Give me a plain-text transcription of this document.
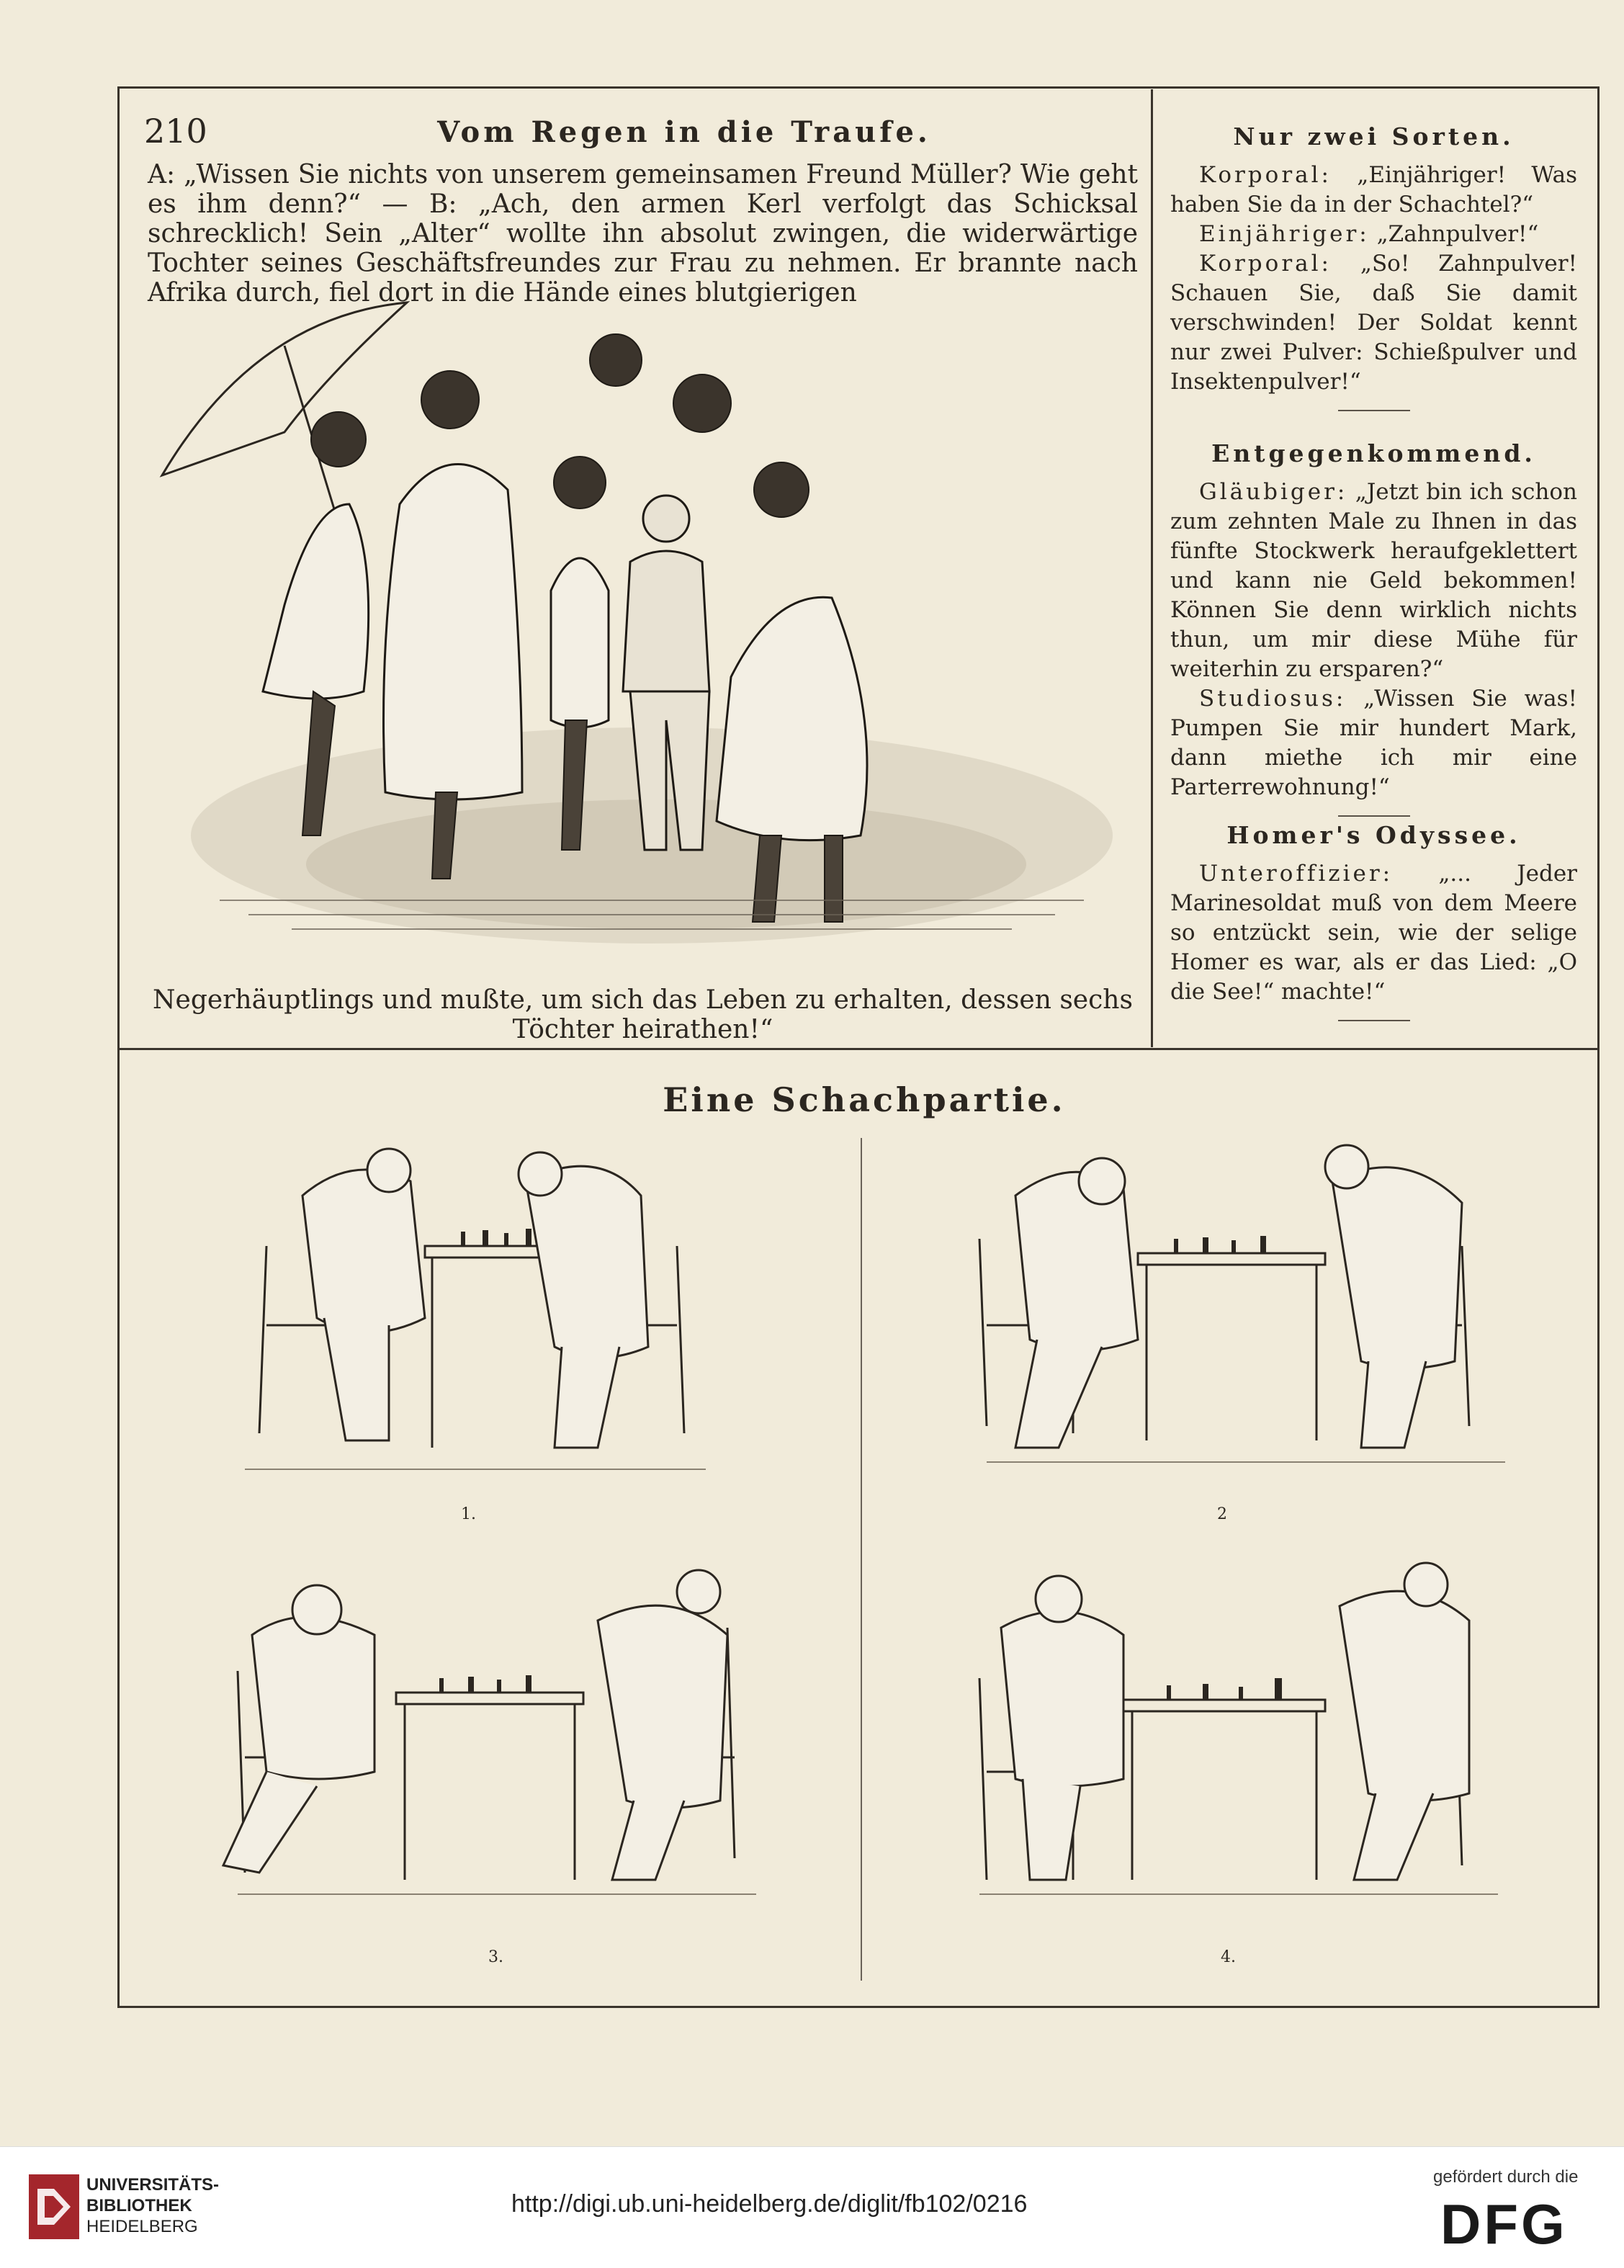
210	Vom Regen in die Traufe.
A: „Wissen Sie nichts von unserem gemeinsamen Freund Müller? Wie geht es ihm denn?“ — B: „Ach, den armen Kerl verfolgt das Schicksal schrecklich! Sein „Alter“ wollte ihn absolut zwingen, die widerwärtige Tochter seines Geschäftsfreundes zur Frau zu nehmen. Er brannte nach Afrika durch, fiel dort in die Hände eines blutgierigen
Negerhäuptlings und mußte, um sich das Leben zu erhalten, dessen sechs Töchter heirathen!“
Nur zwei Sorten.

Korporal: „Einjähriger! Was haben Sie da in der Schachtel?“

Einjähriger: „Zahnpulver!“

Korporal: „So! Zahnpulver! Schauen Sie, daß Sie damit verschwinden! Der Soldat kennt nur zwei Pulver: Schießpulver und Insektenpulver!“

Entgegenkommend.

Gläubiger: „Jetzt bin ich schon zum zehnten Male zu Ihnen in das fünfte Stockwerk heraufgeklettert und kann nie Geld bekommen! Können Sie denn wirklich nichts thun, um mir diese Mühe für weiterhin zu ersparen?“

Studiosus: „Wissen Sie was! Pumpen Sie mir hundert Mark, dann miethe ich mir eine Parterrewohnung!“

Homer's Odyssee.

Unteroffizier: „... Jeder Marinesoldat muß von dem Meere so entzückt sein, wie der selige Homer es war, als er das Lied: „O die See!“ machte!“

Eine Schachpartie.
1.	2
3.	4.
UNIVERSITÄTS-
BIBLIOTHEK
HEIDELBERG
http://digi.ub.uni-heidelberg.de/diglit/fb102/0216
gefördert durch die
DFG
